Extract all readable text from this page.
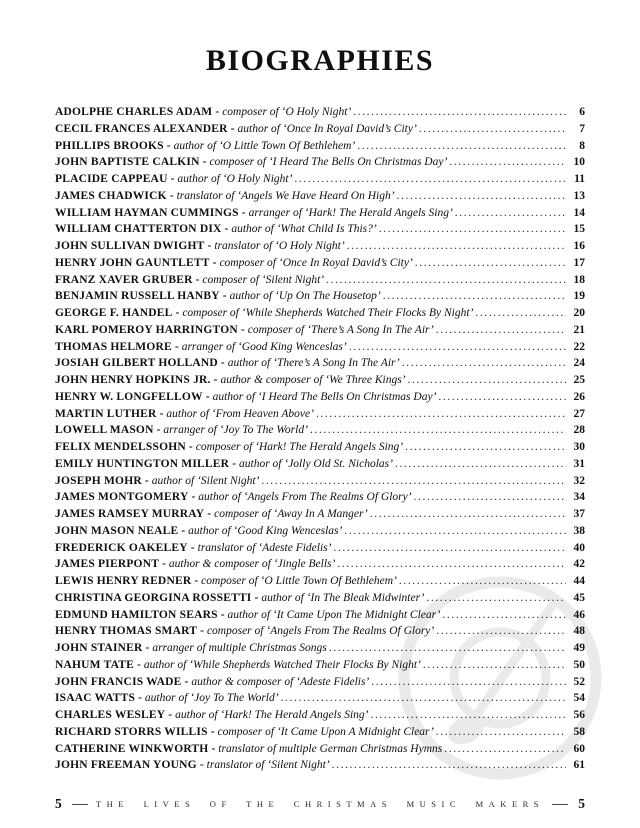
BIOGRAPHIES
ADOLPHE CHARLES ADAM - composer of ‘O Holy Night’ .....	6
CECIL FRANCES ALEXANDER - author of ‘Once In Royal David’s City’ .....	7
PHILLIPS BROOKS - author of ‘O Little Town Of Bethlehem’ .....	8
JOHN BAPTISTE CALKIN - composer of ‘I Heard The Bells On Christmas Day’ .....	10
PLACIDE CAPPEAU - author of ‘O Holy Night’ .....	11
JAMES CHADWICK - translator of ‘Angels We Have Heard On High’ .....	13
WILLIAM HAYMAN CUMMINGS - arranger of ‘Hark! The Herald Angels Sing’ .....	14
WILLIAM CHATTERTON DIX - author of ‘What Child Is This?’ .....	15
JOHN SULLIVAN DWIGHT - translator of ‘O Holy Night’ .....	16
HENRY JOHN GAUNTLETT - composer of ‘Once In Royal David’s City’ .....	17
FRANZ XAVER GRUBER - composer of ‘Silent Night’ .....	18
BENJAMIN RUSSELL HANBY - author of ‘Up On The Housetop’ .....	19
GEORGE F. HANDEL - composer of ‘While Shepherds Watched Their Flocks By Night’ .....	20
KARL POMEROY HARRINGTON - composer of ‘There’s A Song In The Air’ .....	21
THOMAS HELMORE - arranger of ‘Good King Wenceslas’ .....	22
JOSIAH GILBERT HOLLAND - author of ‘There’s A Song In The Air’ .....	24
JOHN HENRY HOPKINS JR. - author & composer of ‘We Three Kings’ .....	25
HENRY W. LONGFELLOW - author of ‘I Heard The Bells On Christmas Day’ .....	26
MARTIN LUTHER - author of ‘From Heaven Above’ .....	27
LOWELL MASON - arranger of ‘Joy To The World’ .....	28
FELIX MENDELSSOHN - composer of ‘Hark! The Herald Angels Sing’ .....	30
EMILY HUNTINGTON MILLER - author of ‘Jolly Old St. Nicholas’ .....	31
JOSEPH MOHR - author of ‘Silent Night’ .....	32
JAMES MONTGOMERY - author of ‘Angels From The Realms Of Glory’ .....	34
JAMES RAMSEY MURRAY - composer of ‘Away In A Manger’ .....	37
JOHN MASON NEALE - author of ‘Good King Wenceslas’ .....	38
FREDERICK OAKELEY - translator of ‘Adeste Fidelis’ .....	40
JAMES PIERPONT - author & composer of ‘Jingle Bells’ .....	42
LEWIS HENRY REDNER - composer of ‘O Little Town Of Bethlehem’ .....	44
CHRISTINA GEORGINA ROSSETTI - author of ‘In The Bleak Midwinter’ .....	45
EDMUND HAMILTON SEARS - author of ‘It Came Upon The Midnight Clear’ .....	46
HENRY THOMAS SMART - composer of ‘Angels From The Realms Of Glory’ .....	48
JOHN STAINER - arranger of multiple Christmas Songs .....	49
NAHUM TATE - author of ‘While Shepherds Watched Their Flocks By Night’ .....	50
JOHN FRANCIS WADE - author & composer of ‘Adeste Fidelis’ .....	52
ISAAC WATTS - author of ‘Joy To The World’ .....	54
CHARLES WESLEY - author of ‘Hark! The Herald Angels Sing’ .....	56
RICHARD STORRS WILLIS - composer of ‘It Came Upon A Midnight Clear’ .....	58
CATHERINE WINKWORTH - translator of multiple German Christmas Hymns .....	60
JOHN FREEMAN YOUNG - translator of ‘Silent Night’ .....	61
5	THE LIVES OF THE CHRISTMAS MUSIC MAKERS	5
